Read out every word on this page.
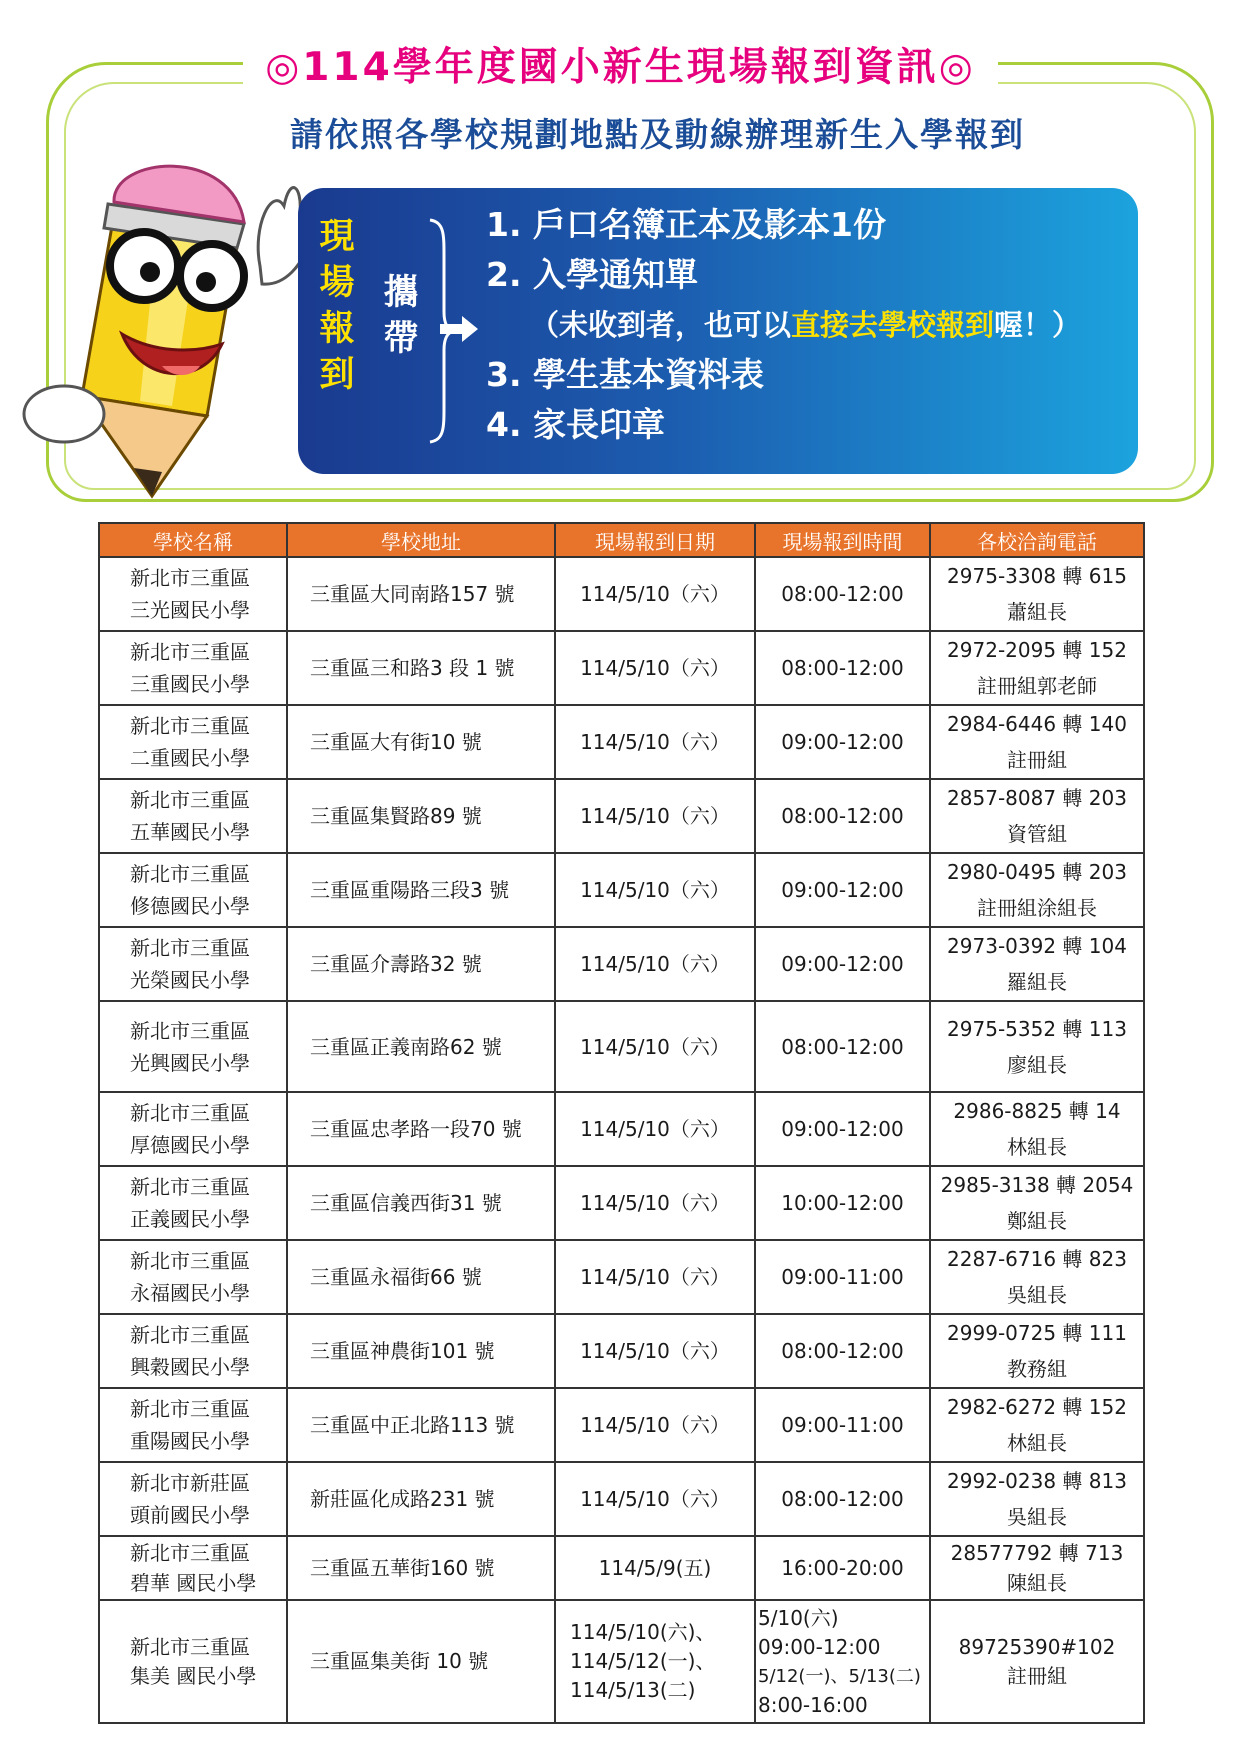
◎114學年度國小新生現場報到資訊◎
請依照各學校規劃地點及動線辦理新生入學報到
現
場
報
到
攜
帶
1. 戶口名簿正本及影本1份
2. 入學通知單
（未收到者，也可以直接去學校報到喔！）
3. 學生基本資料表
4. 家長印章
學校名稱	學校地址	現場報到日期	現場報到時間	各校洽詢電話

新北市三重區
三光國民小學	三重區大同南路157 號	114/5/10（六）	08:00-12:00	2975-3308 轉 615
蕭組長

新北市三重區
三重國民小學	三重區三和路3 段 1 號	114/5/10（六）	08:00-12:00	2972-2095 轉 152
註冊組郭老師

新北市三重區
二重國民小學	三重區大有街10 號	114/5/10（六）	09:00-12:00	2984-6446 轉 140
註冊組

新北市三重區
五華國民小學	三重區集賢路89 號	114/5/10（六）	08:00-12:00	2857-8087 轉 203
資管組

新北市三重區
修德國民小學	三重區重陽路三段3 號	114/5/10（六）	09:00-12:00	2980-0495 轉 203
註冊組涂組長

新北市三重區
光榮國民小學	三重區介壽路32 號	114/5/10（六）	09:00-12:00	2973-0392 轉 104
羅組長

新北市三重區
光興國民小學	三重區正義南路62 號	114/5/10（六）	08:00-12:00	2975-5352 轉 113
廖組長

新北市三重區
厚德國民小學	三重區忠孝路一段70 號	114/5/10（六）	09:00-12:00	2986-8825 轉 14
林組長

新北市三重區
正義國民小學	三重區信義西街31 號	114/5/10（六）	10:00-12:00	2985-3138 轉 2054
鄭組長

新北市三重區
永福國民小學	三重區永福街66 號	114/5/10（六）	09:00-11:00	2287-6716 轉 823
吳組長

新北市三重區
興穀國民小學	三重區神農街101 號	114/5/10（六）	08:00-12:00	2999-0725 轉 111
教務組

新北市三重區
重陽國民小學	三重區中正北路113 號	114/5/10（六）	09:00-11:00	2982-6272 轉 152
林組長

新北市新莊區
頭前國民小學	新莊區化成路231 號	114/5/10（六）	08:00-12:00	2992-0238 轉 813
吳組長

新北市三重區
碧華 國民小學	三重區五華街160 號	114/5/9(五)	16:00-20:00	28577792 轉 713
陳組長

新北市三重區
集美 國民小學	三重區集美街 10 號	114/5/10(六)、
114/5/12(一)、
114/5/13(二)	5/10(六)
09:00-12:00
5/12(一)、5/13(二)
8:00-16:00	89725390#102
註冊組
